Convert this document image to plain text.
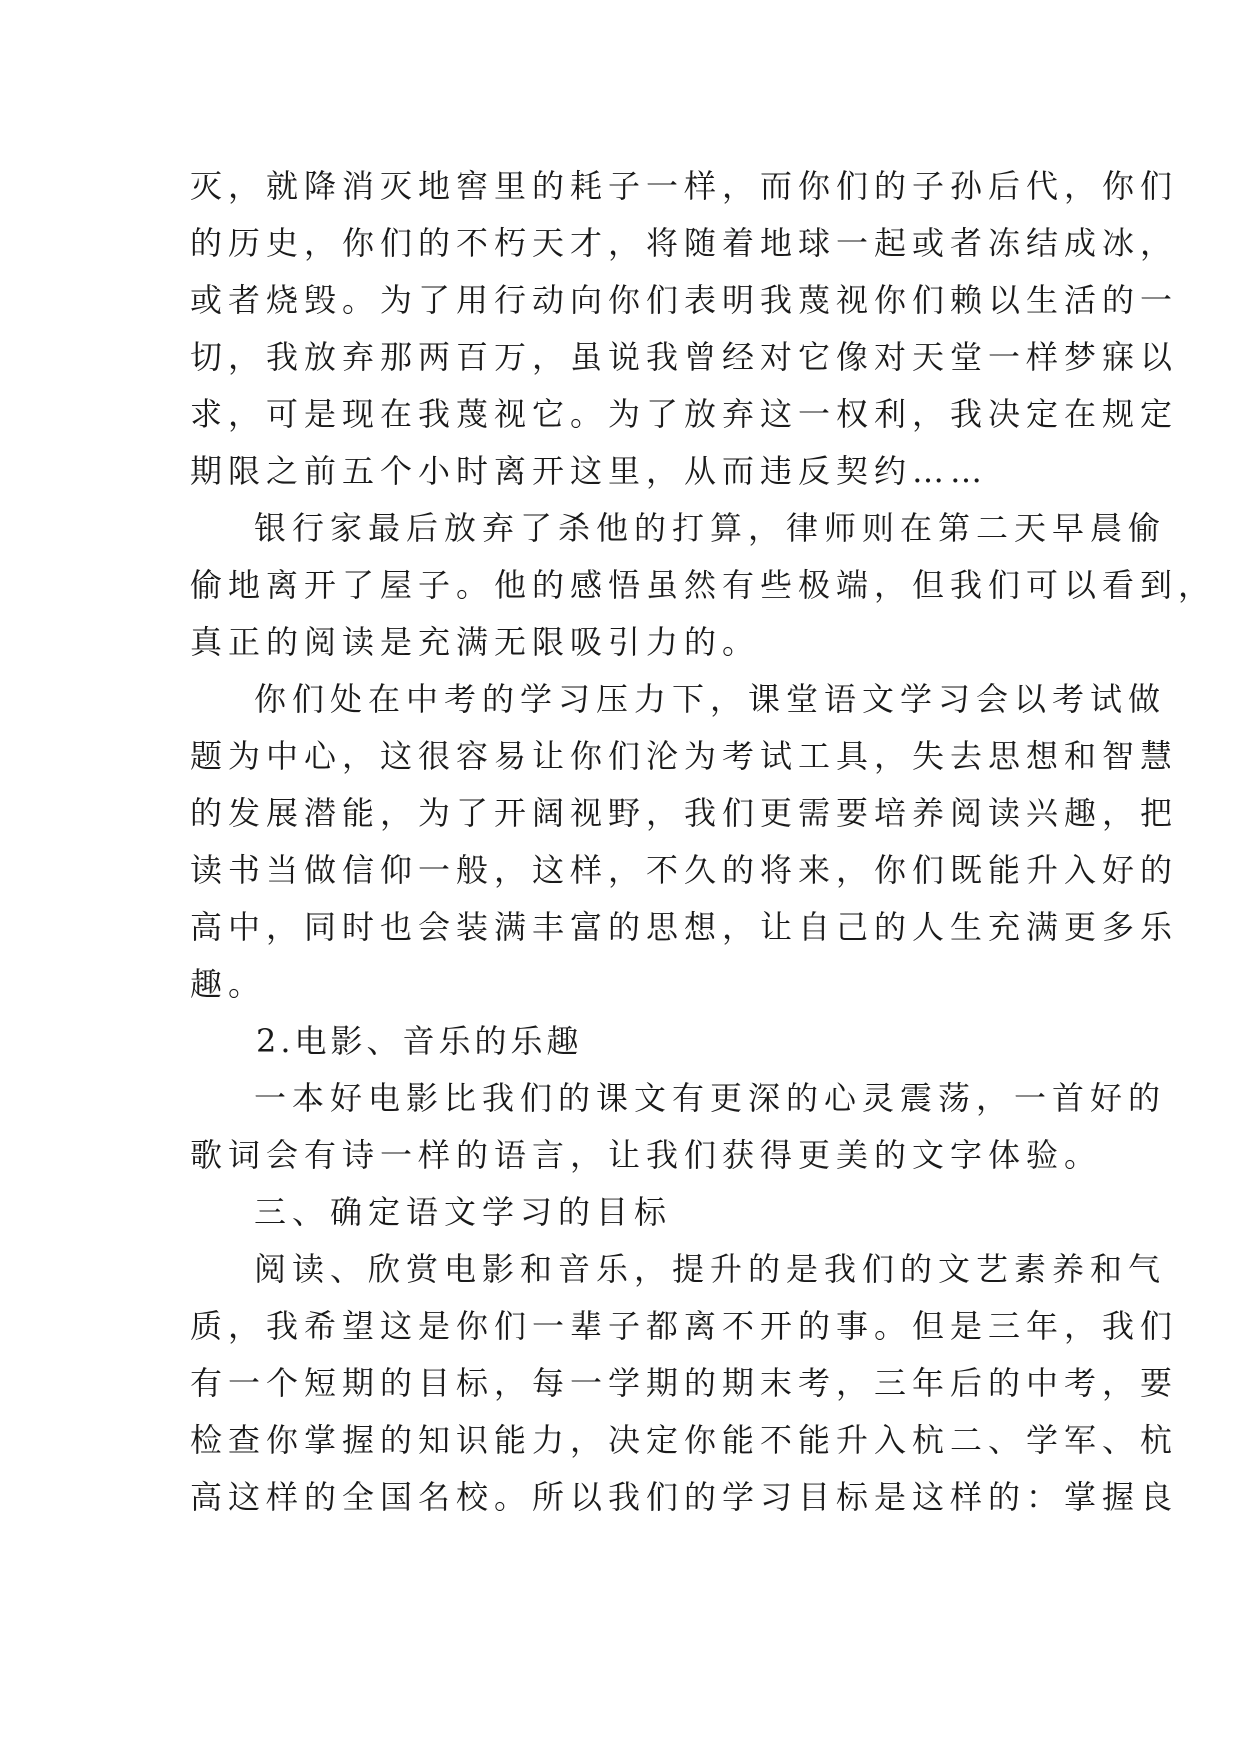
灭，就降消灭地窖里的耗子一样，而你们的子孙后代，你们
的历史，你们的不朽天才，将随着地球一起或者冻结成冰，
或者烧毁。为了用行动向你们表明我蔑视你们赖以生活的一
切，我放弃那两百万，虽说我曾经对它像对天堂一样梦寐以
求，可是现在我蔑视它。为了放弃这一权利，我决定在规定
期限之前五个小时离开这里，从而违反契约……
银行家最后放弃了杀他的打算，律师则在第二天早晨偷
偷地离开了屋子。他的感悟虽然有些极端，但我们可以看到，
真正的阅读是充满无限吸引力的。
你们处在中考的学习压力下，课堂语文学习会以考试做
题为中心，这很容易让你们沦为考试工具，失去思想和智慧
的发展潜能，为了开阔视野，我们更需要培养阅读兴趣，把
读书当做信仰一般，这样，不久的将来，你们既能升入好的
高中，同时也会装满丰富的思想，让自己的人生充满更多乐
趣。
2.电影、音乐的乐趣
一本好电影比我们的课文有更深的心灵震荡，一首好的
歌词会有诗一样的语言，让我们获得更美的文字体验。
三、确定语文学习的目标
阅读、欣赏电影和音乐，提升的是我们的文艺素养和气
质，我希望这是你们一辈子都离不开的事。但是三年，我们
有一个短期的目标，每一学期的期末考，三年后的中考，要
检查你掌握的知识能力，决定你能不能升入杭二、学军、杭
高这样的全国名校。所以我们的学习目标是这样的：掌握良
